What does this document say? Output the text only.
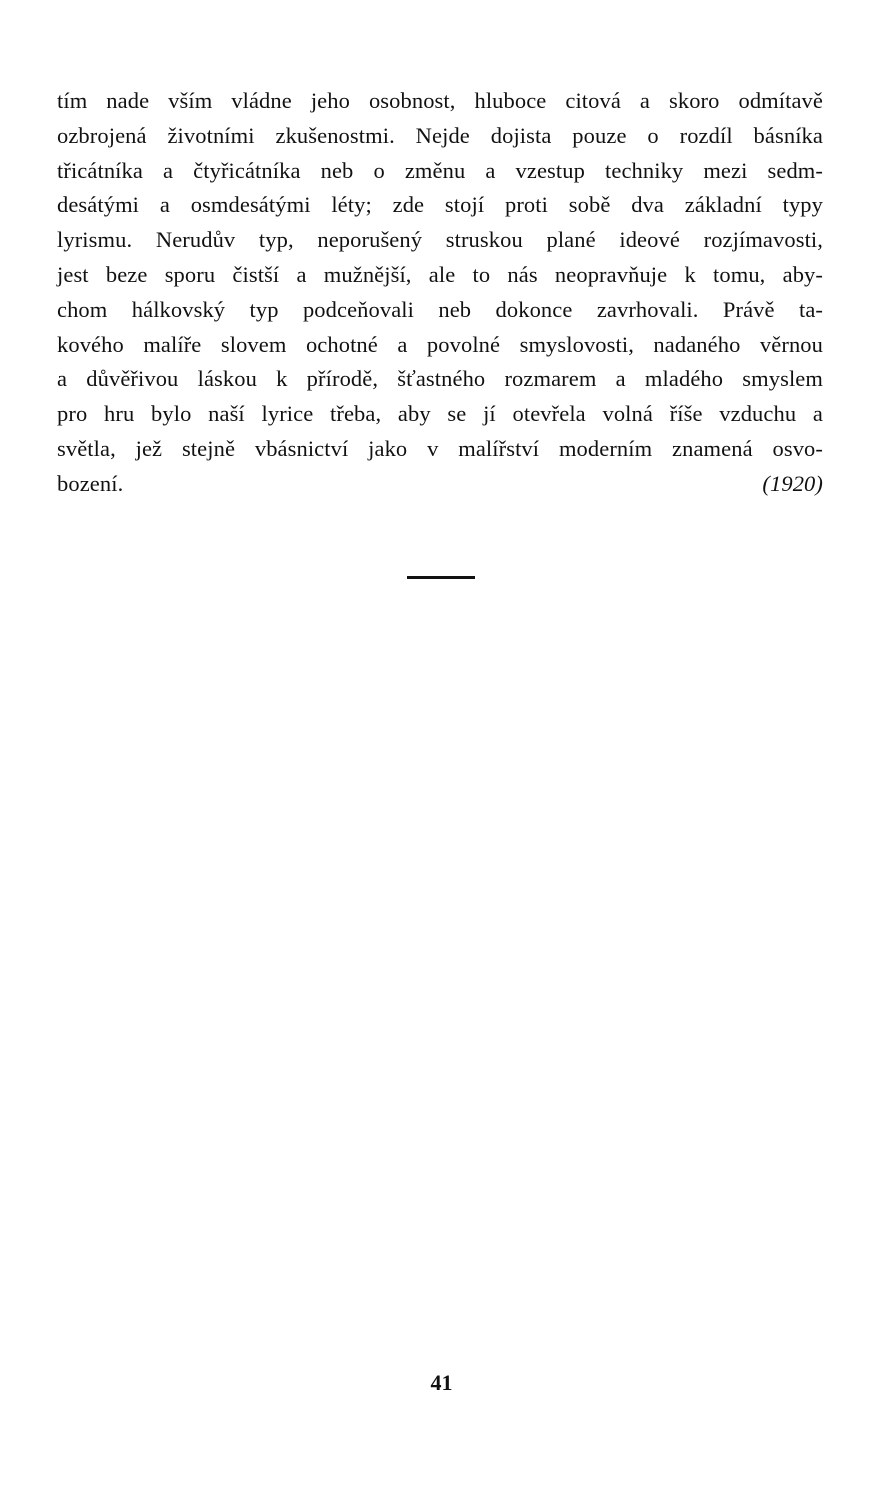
tím nade vším vládne jeho osobnost, hluboce citová a skoro odmítavě
ozbrojená životními zkušenostmi. Nejde dojista pouze o rozdíl básníka
třicátníka a čtyřicátníka neb o změnu a vzestup techniky mezi sedm-
desátými a osmdesátými léty; zde stojí proti sobě dva základní typy
lyrismu. Nerudův typ, neporušený struskou plané ideové rozjímavosti,
jest beze sporu čistší a mužnější, ale to nás neopravňuje k tomu, aby-
chom hálkovský typ podceňovali neb dokonce zavrhovali. Právě ta-
kového malíře slovem ochotné a povolné smyslovosti, nadaného věrnou
a důvěřivou láskou k přírodě, šťastného rozmarem a mladého smyslem
pro hru bylo naší lyrice třeba, aby se jí otevřela volná říše vzduchu a
světla, jež stejně vbásnictví jako v malířství moderním znamená osvo-
bození.	(1920)
41
